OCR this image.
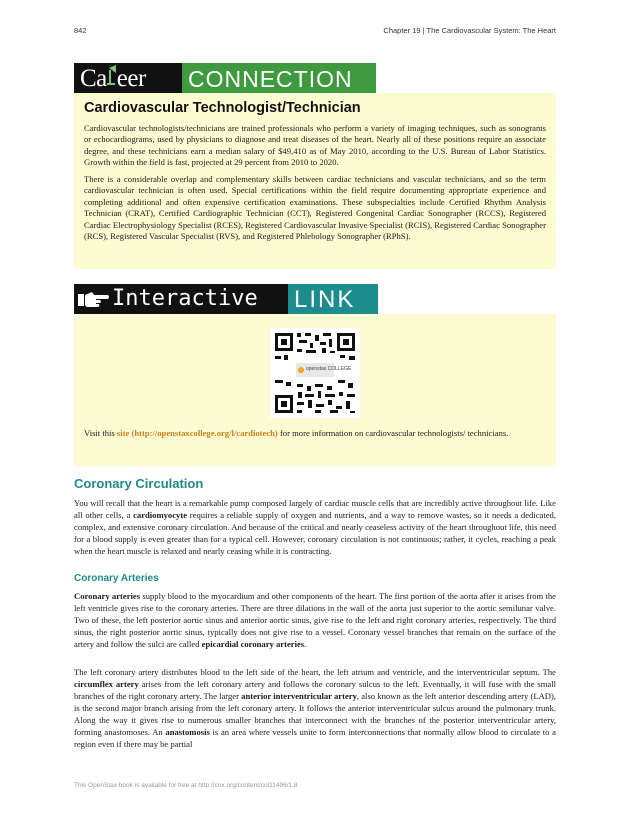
842	Chapter 19 | The Cardiovascular System: The Heart
Ca eer CONNECTION
Cardiovascular Technologist/Technician

Cardiovascular technologists/technicians are trained professionals who perform a variety of imaging techniques, such as sonograms or echocardiograms, used by physicians to diagnose and treat diseases of the heart. Nearly all of these positions require an associate degree, and these technicians earn a median salary of $49,410 as of May 2010, according to the U.S. Bureau of Labor Statistics. Growth within the field is fast, projected at 29 percent from 2010 to 2020.

There is a considerable overlap and complementary skills between cardiac technicians and vascular technicians, and so the term cardiovascular technician is often used. Special certifications within the field require documenting appropriate experience and completing additional and often expensive certification examinations. These subspecialties include Certified Rhythm Analysis Technician (CRAT), Certified Cardiographic Technician (CCT), Registered Congenital Cardiac Sonographer (RCCS), Registered Cardiac Electrophysiology Specialist (RCES), Registered Cardiovascular Invasive Specialist (RCIS), Registered Cardiac Sonographer (RCS), Registered Vascular Specialist (RVS), and Registered Phlebology Sonographer (RPhS).

Interactive LINK
openstax COLLEGE

Visit this site (http://openstaxcollege.org/l/cardiotech) for more information on cardiovascular technologists/ technicians.

Coronary Circulation

You will recall that the heart is a remarkable pump composed largely of cardiac muscle cells that are incredibly active throughout life. Like all other cells, a cardiomyocyte requires a reliable supply of oxygen and nutrients, and a way to remove wastes, so it needs a dedicated, complex, and extensive coronary circulation. And because of the critical and nearly ceaseless activity of the heart throughout life, this need for a blood supply is even greater than for a typical cell. However, coronary circulation is not continuous; rather, it cycles, reaching a peak when the heart muscle is relaxed and nearly ceasing while it is contracting.

Coronary Arteries

Coronary arteries supply blood to the myocardium and other components of the heart. The first portion of the aorta after it arises from the left ventricle gives rise to the coronary arteries. There are three dilations in the wall of the aorta just superior to the aortic semilunar valve. Two of these, the left posterior aortic sinus and anterior aortic sinus, give rise to the left and right coronary arteries, respectively. The third sinus, the right posterior aortic sinus, typically does not give rise to a vessel. Coronary vessel branches that remain on the surface of the artery and follow the sulci are called epicardial coronary arteries.

The left coronary artery distributes blood to the left side of the heart, the left atrium and ventricle, and the interventricular septum. The circumflex artery arises from the left coronary artery and follows the coronary sulcus to the left. Eventually, it will fuse with the small branches of the right coronary artery. The larger anterior interventricular artery, also known as the left anterior descending artery (LAD), is the second major branch arising from the left coronary artery. It follows the anterior interventricular sulcus around the pulmonary trunk. Along the way it gives rise to numerous smaller branches that interconnect with the branches of the posterior interventricular artery, forming anastomoses. An anastomosis is an area where vessels unite to form interconnections that normally allow blood to circulate to a region even if there may be partial

This OpenStax book is available for free at http://cnx.org/content/col11496/1.8
